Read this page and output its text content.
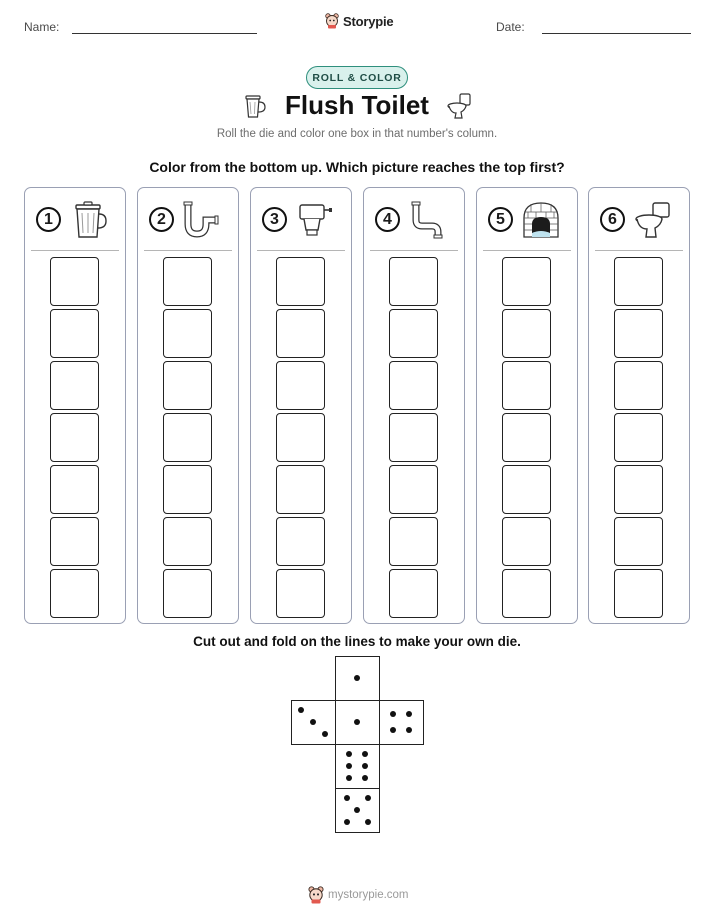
Name:	Storypie	Date:
ROLL & COLOR
Flush Toilet
Roll the die and color one box in that number's column.
Color from the bottom up. Which picture reaches the top first?
1	2	3	4	5	6
Cut out and fold on the lines to make your own die.
mystorypie.com
